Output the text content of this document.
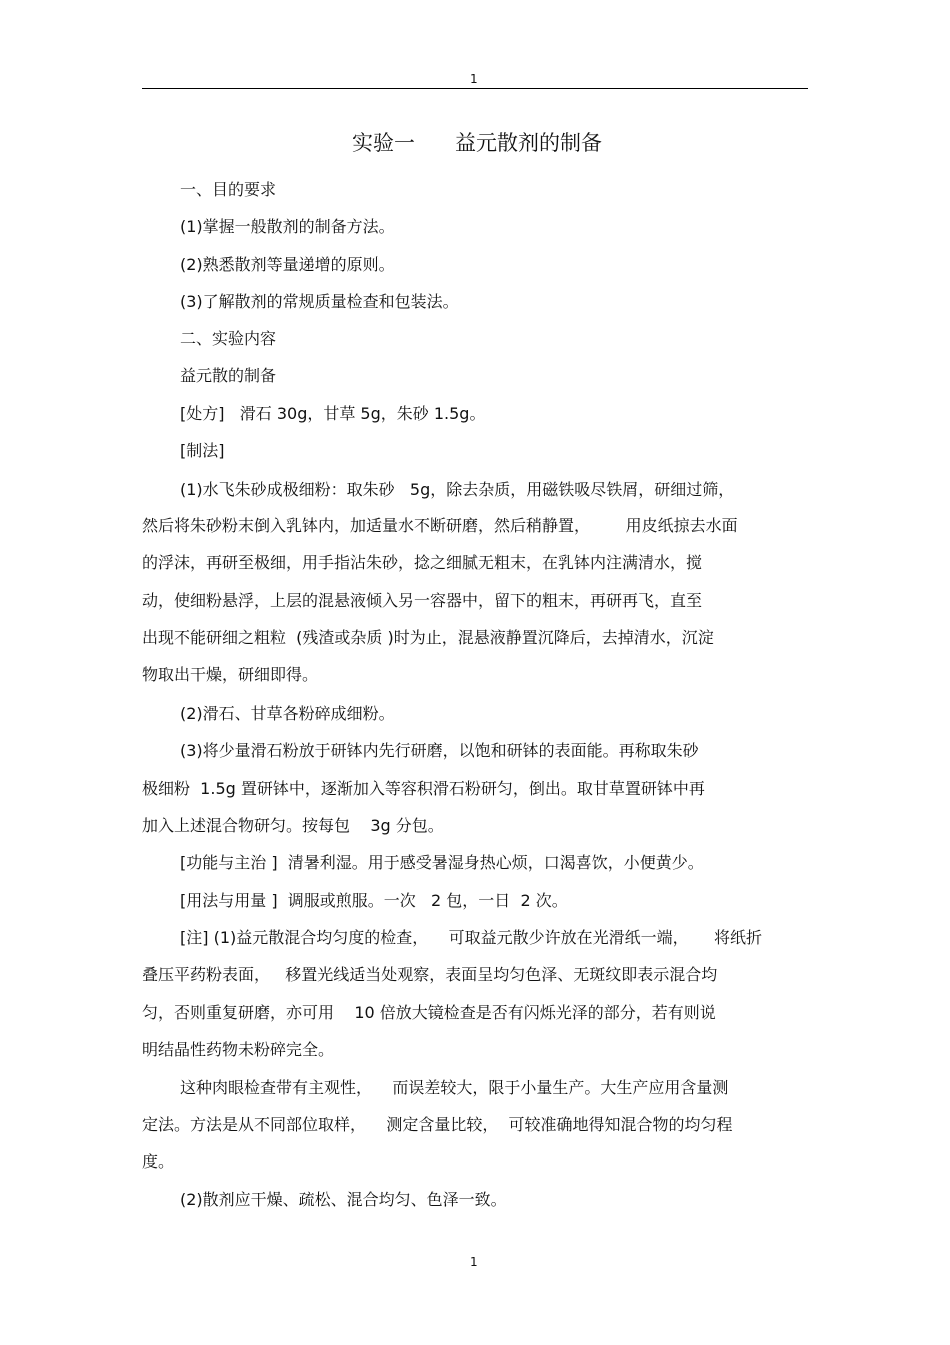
1
实验一 益元散剂的制备
一、目的要求
(1)掌握一般散剂的制备方法。
(2)熟悉散剂等量递增的原则。
(3)了解散剂的常规质量检查和包装法。
二、实验内容
益元散的制备
[处方]   滑石 30g，甘草 5g，朱砂 1.5g。
[制法]
(1)水飞朱砂成极细粉：取朱砂   5g，除去杂质，用磁铁吸尽铁屑，研细过筛，
然后将朱砂粉末倒入乳钵内，加适量水不断研磨，然后稍静置，       用皮纸掠去水面
的浮沫，再研至极细，用手指沾朱砂，捻之细腻无粗末，在乳钵内注满清水，搅
动，使细粉悬浮，上层的混悬液倾入另一容器中，留下的粗末，再研再飞，直至
出现不能研细之粗粒  (残渣或杂质 )时为止，混悬液静置沉降后，去掉清水，沉淀
物取出干燥，研细即得。
(2)滑石、甘草各粉碎成细粉。
(3)将少量滑石粉放于研钵内先行研磨，以饱和研钵的表面能。再称取朱砂
极细粉  1.5g 置研钵中，逐渐加入等容积滑石粉研匀，倒出。取甘草置研钵中再
加入上述混合物研匀。按每包    3g 分包。
[功能与主治 ]  清暑利湿。用于感受暑湿身热心烦，口渴喜饮，小便黄少。
[用法与用量 ]  调服或煎服。一次   2 包，一日  2 次。
[注] (1)益元散混合均匀度的检查，    可取益元散少许放在光滑纸一端，     将纸折
叠压平药粉表面，   移置光线适当处观察，表面呈均匀色泽、无斑纹即表示混合均
匀，否则重复研磨，亦可用    10 倍放大镜检查是否有闪烁光泽的部分，若有则说
明结晶性药物未粉碎完全。
这种肉眼检查带有主观性，    而误差较大，限于小量生产。大生产应用含量测
定法。方法是从不同部位取样，    测定含量比较，  可较准确地得知混合物的均匀程
度。
(2)散剂应干燥、疏松、混合均匀、色泽一致。
1
